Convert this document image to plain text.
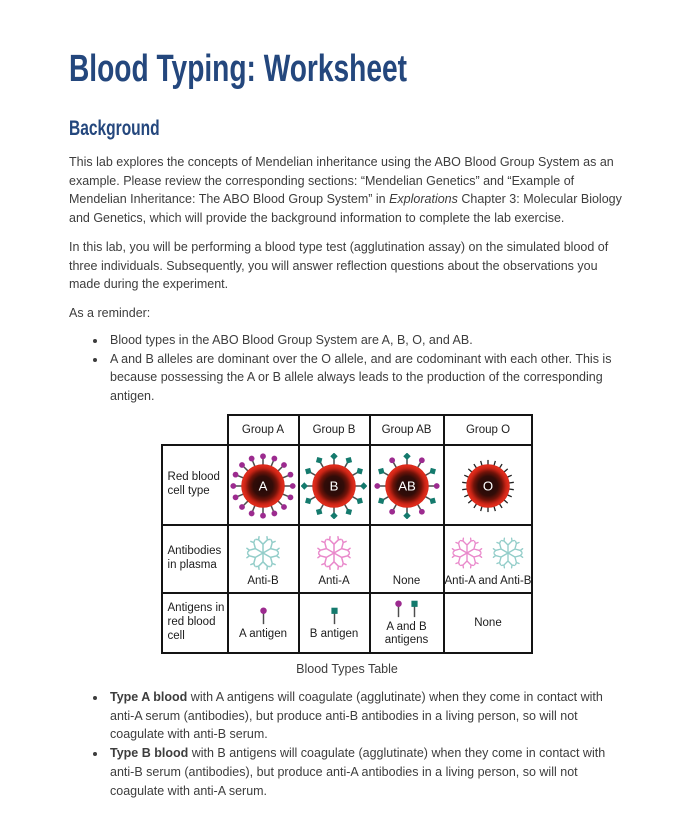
Blood Typing: Worksheet
Background

This lab explores the concepts of Mendelian inheritance using the ABO Blood Group System as an example. Please review the corresponding sections: “Mendelian Genetics” and “Example of Mendelian Inheritance: The ABO Blood Group System” in Explorations Chapter 3: Molecular Biology and Genetics, which will provide the background information to complete the lab exercise.

In this lab, you will be performing a blood type test (agglutination assay) on the simulated blood of three individuals. Subsequently, you will answer reflection questions about the observations you made during the experiment.

As a reminder:

• Blood types in the ABO Blood Group System are A, B, O, and AB.
• A and B alleles are dominant over the O allele, and are codominant with each other. This is because possessing the A or B allele always leads to the production of the corresponding antigen.
	Group A	Group B	Group AB	Group O
Red blood cell type	A	B	AB	O

Antibodies in plasma	Anti-B	Anti-A	None	Anti-A and Anti-B

Antigens in red blood cell	A antigen	B antigen	A and B antigens	None
Blood Types Table
• Type A blood with A antigens will coagulate (agglutinate) when they come in contact with anti-A serum (antibodies), but produce anti-B antibodies in a living person, so will not coagulate with anti-B serum.
• Type B blood with B antigens will coagulate (agglutinate) when they come in contact with anti-B serum (antibodies), but produce anti-A antibodies in a living person, so will not coagulate with anti-A serum.
